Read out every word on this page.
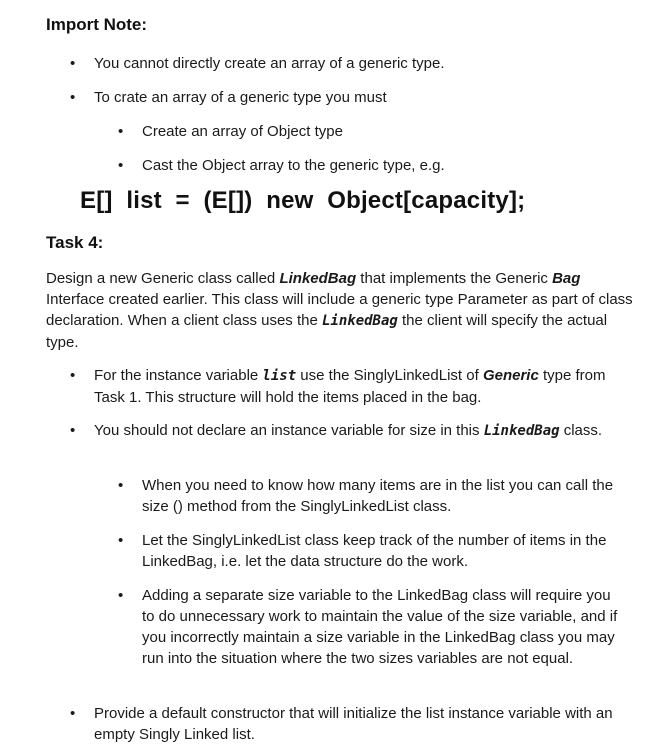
Import Note:
• You cannot directly create an array of a generic type.
• To crate an array of a generic type you must
• Create an array of Object type
• Cast the Object array to the generic type, e.g.
E[]  list  =  (E[])  new  Object[capacity];
Task 4:

Design a new Generic class called LinkedBag that implements the Generic Bag Interface created earlier. This class will include a generic type Parameter as part of class declaration. When a client class uses the LinkedBag the client will specify the actual type.

• For the instance variable list use the SinglyLinkedList of Generic type from Task 1. This structure will hold the items placed in the bag.
• You should not declare an instance variable for size in this LinkedBag class.
• When you need to know how many items are in the list you can call the size () method from the SinglyLinkedList class.
• Let the SinglyLinkedList class keep track of the number of items in the LinkedBag, i.e. let the data structure do the work.
• Adding a separate size variable to the LinkedBag class will require you to do unnecessary work to maintain the value of the size variable, and if you incorrectly maintain a size variable in the LinkedBag class you may run into the situation where the two sizes variables are not equal.
• Provide a default constructor that will initialize the list instance variable with an empty Singly Linked list.
